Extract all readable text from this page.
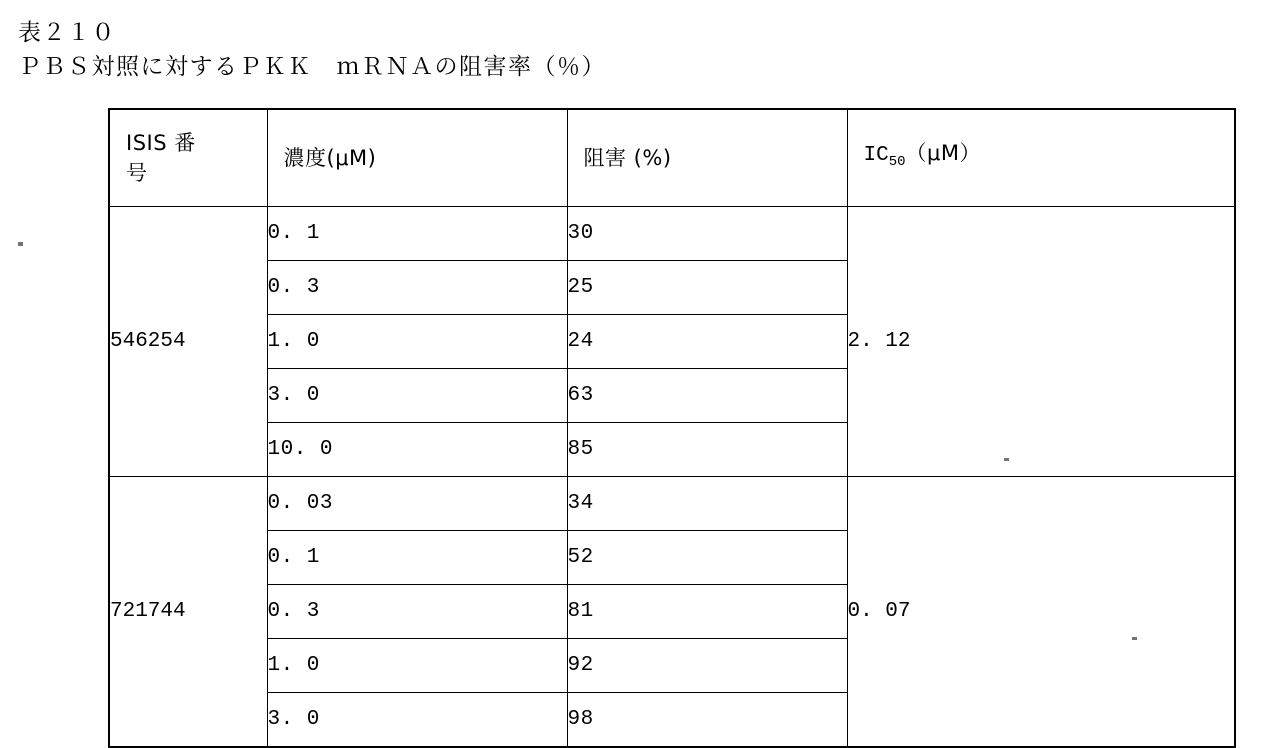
表２１０
ＰＢＳ対照に対するＰＫＫ　ｍＲＮＡの阻害率（％）
ISIS 番
号	濃度(μM)	阻害 (%)	$IC_{50}(\mu M)$

546254	0. 1	30	2. 12
	0. 3	25	
	1. 0	24	
	3. 0	63	
	10. 0	85	
721744	0. 03	34	0. 07
	0. 1	52	
	0. 3	81	
	1. 0	92	
	3. 0	98	
